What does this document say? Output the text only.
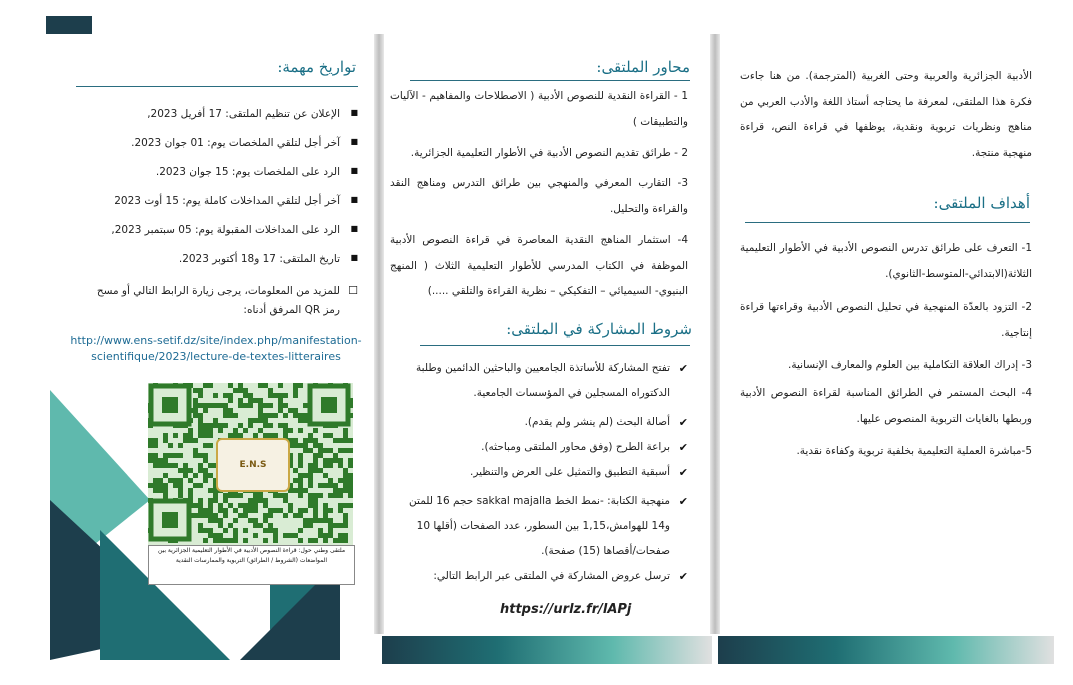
تواريخ مهمة:
■ الإعلان عن تنظيم الملتقى: 17 أفريل 2023,
■ آخر أجل لتلقي الملخصات يوم: 01 جوان 2023.
■ الرد على الملخصات يوم: 15 جوان 2023.
■ آخر أجل لتلقي المداخلات كاملة يوم: 15 أوت 2023
■ الرد على المداخلات المقبولة يوم: 05 سبتمبر 2023,
■ تاريخ الملتقى: 17 و18 أكتوبر 2023.
☐ للمزيد من المعلومات، يرجى زيارة الرابط التالي أو مسح رمز QR المرفق أدناه:
http://www.ens-setif.dz/site/index.php/manifestation-
scientifique/2023/lecture-de-textes-litteraires
E.N.S
ملتقى وطني حول: قراءة النصوص الأدبية في الأطوار التعليمية الجزائرية بين المواضعات (الشروط / الطرائق) التربوية والممارسات النقدية
محاور الملتقى:
1 - القراءة النقدية للنصوص الأدبية ( الاصطلاحات والمفاهيم - الآليات والتطبيقات )
2 - طرائق تقديم النصوص الأدبية في الأطوار التعليمية الجزائرية.
3- التقارب المعرفي والمنهجي بين طرائق التدرس ومناهج النقد والقراءة والتحليل.
4- استثمار المناهج النقدية المعاصرة في قراءة النصوص الأدبية الموظفة في الكتاب المدرسي للأطوار التعليمية الثلاث ( المنهج البنيوي- السيميائي – التفكيكي – نظرية القراءة والتلقي .....)
شروط المشاركة في الملتقى:
✔ تفتح المشاركة للأساتذة الجامعيين والباحثين الدائمين وطلبة الدكتوراه المسجلين في المؤسسات الجامعية.
✔ أصالة البحث (لم ينشر ولم يقدم).
✔ براعة الطرح (وفق محاور الملتقى ومباحثه).
✔ أسبقية التطبيق والتمثيل على العرض والتنظير.
✔ منهجية الكتابة: -نمط الخط sakkal majalla حجم 16 للمتن و14 للهوامش،1,15 بين السطور، عدد الصفحات (أقلها 10 صفحات/أقصاها (15) صفحة).
✔ ترسل عروض المشاركة في الملتقى عبر الرابط التالي:
https://urlz.fr/lAPj
الأدبية الجزائرية والعربية وحتى الغربية (المترجمة). من هنا جاءت فكرة هذا الملتقى، لمعرفة ما يحتاجه أستاذ اللغة والأدب العربي من مناهج ونظريات تربوية ونقدية، يوظفها في قراءة النص، قراءة منهجية منتجة.
أهداف الملتقى:
1- التعرف على طرائق تدرس النصوص الأدبية في الأطوار التعليمية الثلاثة(الابتدائي-المتوسط-الثانوي).
2- التزود بالعدّة المنهجية في تحليل النصوص الأدبية وقراءتها قراءة إنتاجية.
3- إدراك العلاقة التكاملية بين العلوم والمعارف الإنسانية.
4- البحث المستمر في الطرائق المناسبة لقراءة النصوص الأدبية وربطها بالغايات التربوية المنصوص عليها.
5-مباشرة العملية التعليمية بخلفية تربوية وكفاءة نقدية.
